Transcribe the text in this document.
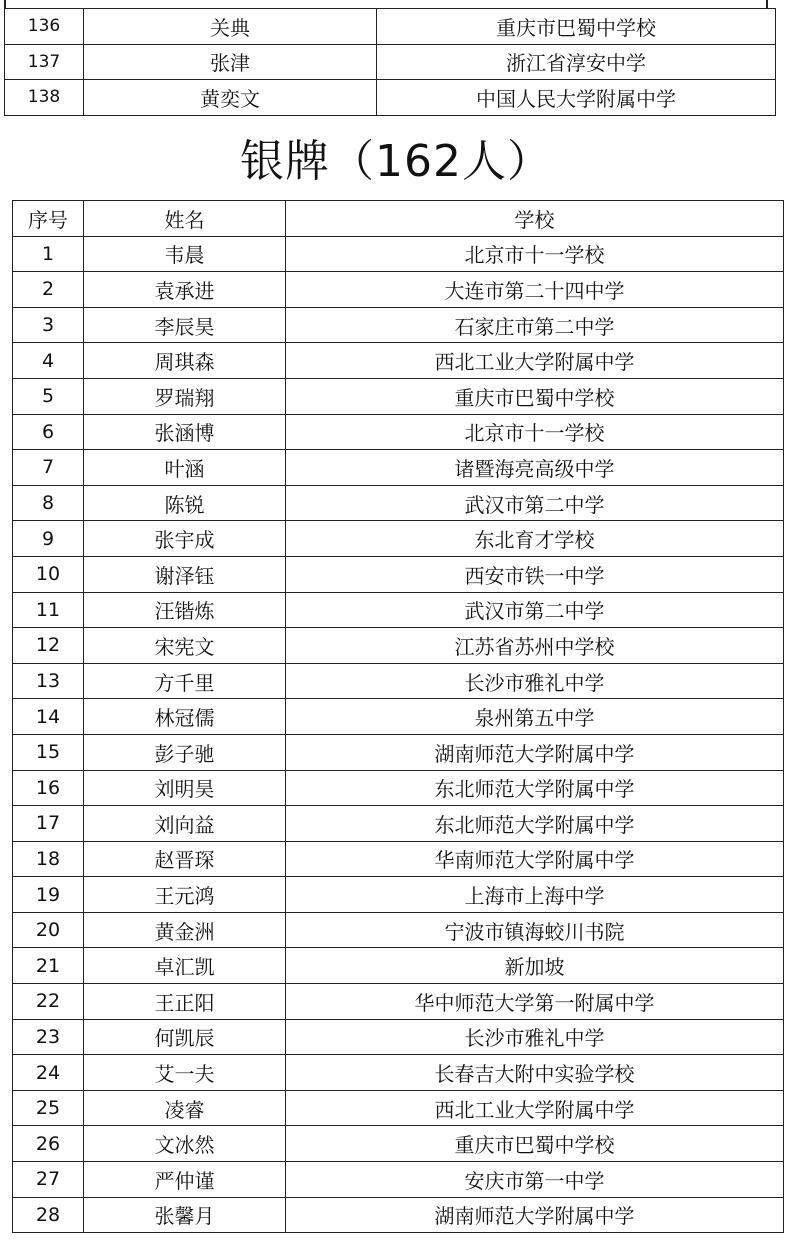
136	关典	重庆市巴蜀中学校
137	张津	浙江省淳安中学
138	黄奕文	中国人民大学附属中学
银牌（162人）
序号	姓名	学校
1	韦晨	北京市十一学校
2	袁承进	大连市第二十四中学
3	李辰昊	石家庄市第二中学
4	周琪森	西北工业大学附属中学
5	罗瑞翔	重庆市巴蜀中学校
6	张涵博	北京市十一学校
7	叶涵	诸暨海亮高级中学
8	陈锐	武汉市第二中学
9	张宇成	东北育才学校
10	谢泽钰	西安市铁一中学
11	汪锴炼	武汉市第二中学
12	宋宪文	江苏省苏州中学校
13	方千里	长沙市雅礼中学
14	林冠儒	泉州第五中学
15	彭子驰	湖南师范大学附属中学
16	刘明昊	东北师范大学附属中学
17	刘向益	东北师范大学附属中学
18	赵晋琛	华南师范大学附属中学
19	王元鸿	上海市上海中学
20	黄金洲	宁波市镇海蛟川书院
21	卓汇凯	新加坡
22	王正阳	华中师范大学第一附属中学
23	何凯辰	长沙市雅礼中学
24	艾一夫	长春吉大附中实验学校
25	凌睿	西北工业大学附属中学
26	文冰然	重庆市巴蜀中学校
27	严仲谨	安庆市第一中学
28	张馨月	湖南师范大学附属中学
